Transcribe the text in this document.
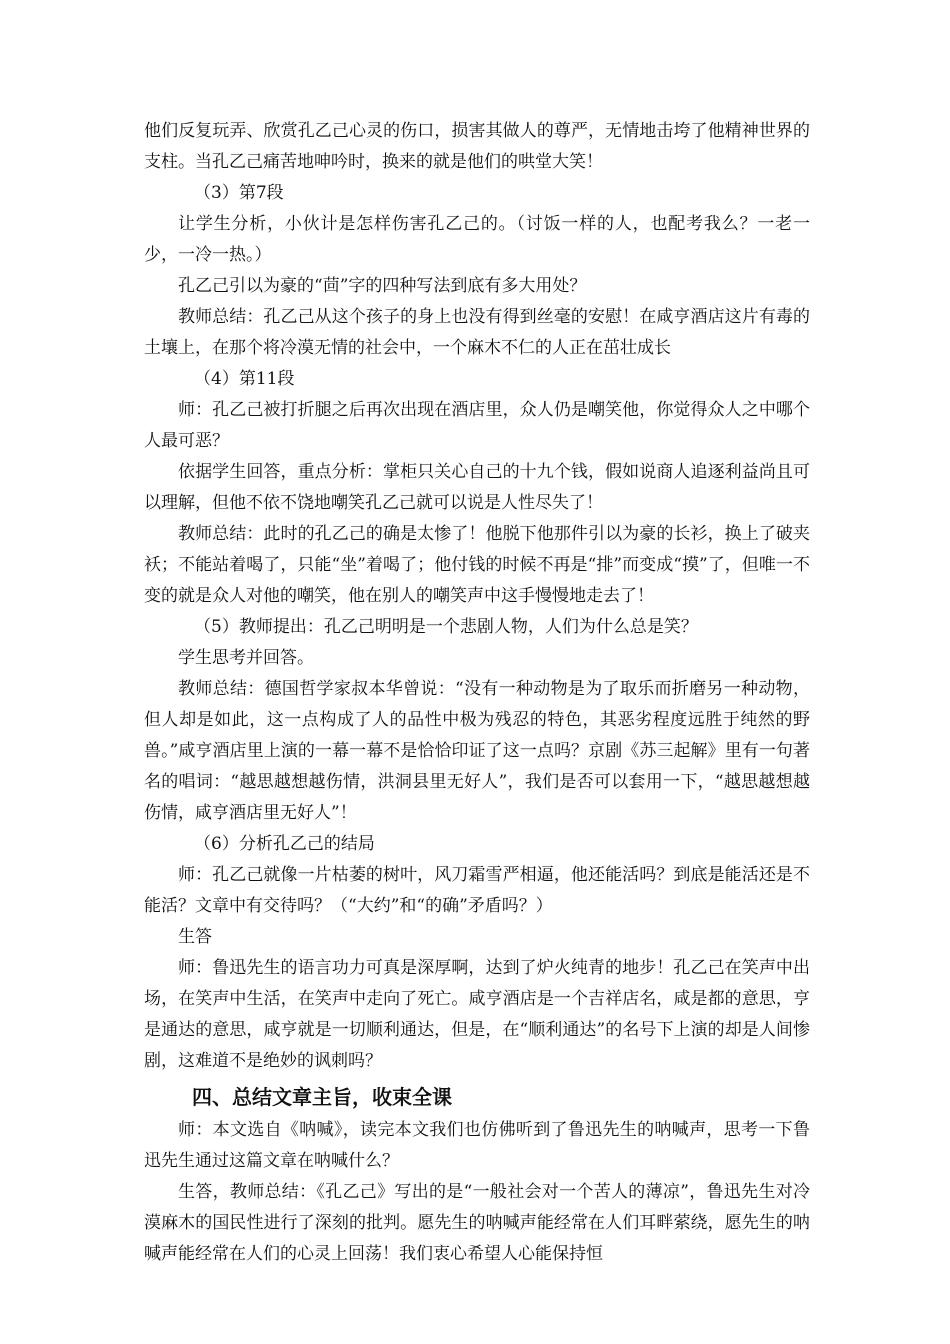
他们反复玩弄、欣赏孔乙己心灵的伤口，损害其做人的尊严，无情地击垮了他精神世界的支柱。当孔乙己痛苦地呻吟时，换来的就是他们的哄堂大笑！

（3）第7段

让学生分析，小伙计是怎样伤害孔乙己的。（讨饭一样的人，也配考我么？一老一少，一冷一热。）

孔乙己引以为豪的“茴”字的四种写法到底有多大用处？

教师总结：孔乙己从这个孩子的身上也没有得到丝毫的安慰！在咸亨酒店这片有毒的土壤上，在那个将冷漠无情的社会中，一个麻木不仁的人正在茁壮成长

（4）第11段

师：孔乙己被打折腿之后再次出现在酒店里，众人仍是嘲笑他，你觉得众人之中哪个人最可恶？

依据学生回答，重点分析：掌柜只关心自己的十九个钱，假如说商人追逐利益尚且可以理解，但他不依不饶地嘲笑孔乙己就可以说是人性尽失了！

教师总结：此时的孔乙己的确是太惨了！他脱下他那件引以为豪的长衫，换上了破夹袄；不能站着喝了，只能“坐”着喝了；他付钱的时候不再是“排”而变成“摸”了，但唯一不变的就是众人对他的嘲笑，他在别人的嘲笑声中这手慢慢地走去了！

（5）教师提出：孔乙己明明是一个悲剧人物，人们为什么总是笑？

学生思考并回答。

教师总结：德国哲学家叔本华曾说：“没有一种动物是为了取乐而折磨另一种动物，但人却是如此，这一点构成了人的品性中极为残忍的特色，其恶劣程度远胜于纯然的野兽。”咸亨酒店里上演的一幕一幕不是恰恰印证了这一点吗？京剧《苏三起解》里有一句著名的唱词：“越思越想越伤情，洪洞县里无好人”，我们是否可以套用一下，“越思越想越伤情，咸亨酒店里无好人”！

（6）分析孔乙己的结局

师：孔乙己就像一片枯萎的树叶，风刀霜雪严相逼，他还能活吗？到底是能活还是不能活？文章中有交待吗？（“大约”和“的确”矛盾吗？）

生答

师：鲁迅先生的语言功力可真是深厚啊，达到了炉火纯青的地步！孔乙己在笑声中出场，在笑声中生活，在笑声中走向了死亡。咸亨酒店是一个吉祥店名，咸是都的意思，亨是通达的意思，咸亨就是一切顺利通达，但是，在“顺利通达”的名号下上演的却是人间惨剧，这难道不是绝妙的讽刺吗？

四、总结文章主旨，收束全课

师：本文选自《呐喊》，读完本文我们也仿佛听到了鲁迅先生的呐喊声，思考一下鲁迅先生通过这篇文章在呐喊什么？

生答，教师总结：《孔乙己》写出的是“一般社会对一个苦人的薄凉”，鲁迅先生对冷漠麻木的国民性进行了深刻的批判。愿先生的呐喊声能经常在人们耳畔萦绕，愿先生的呐喊声能经常在人们的心灵上回荡！我们衷心希望人心能保持恒
